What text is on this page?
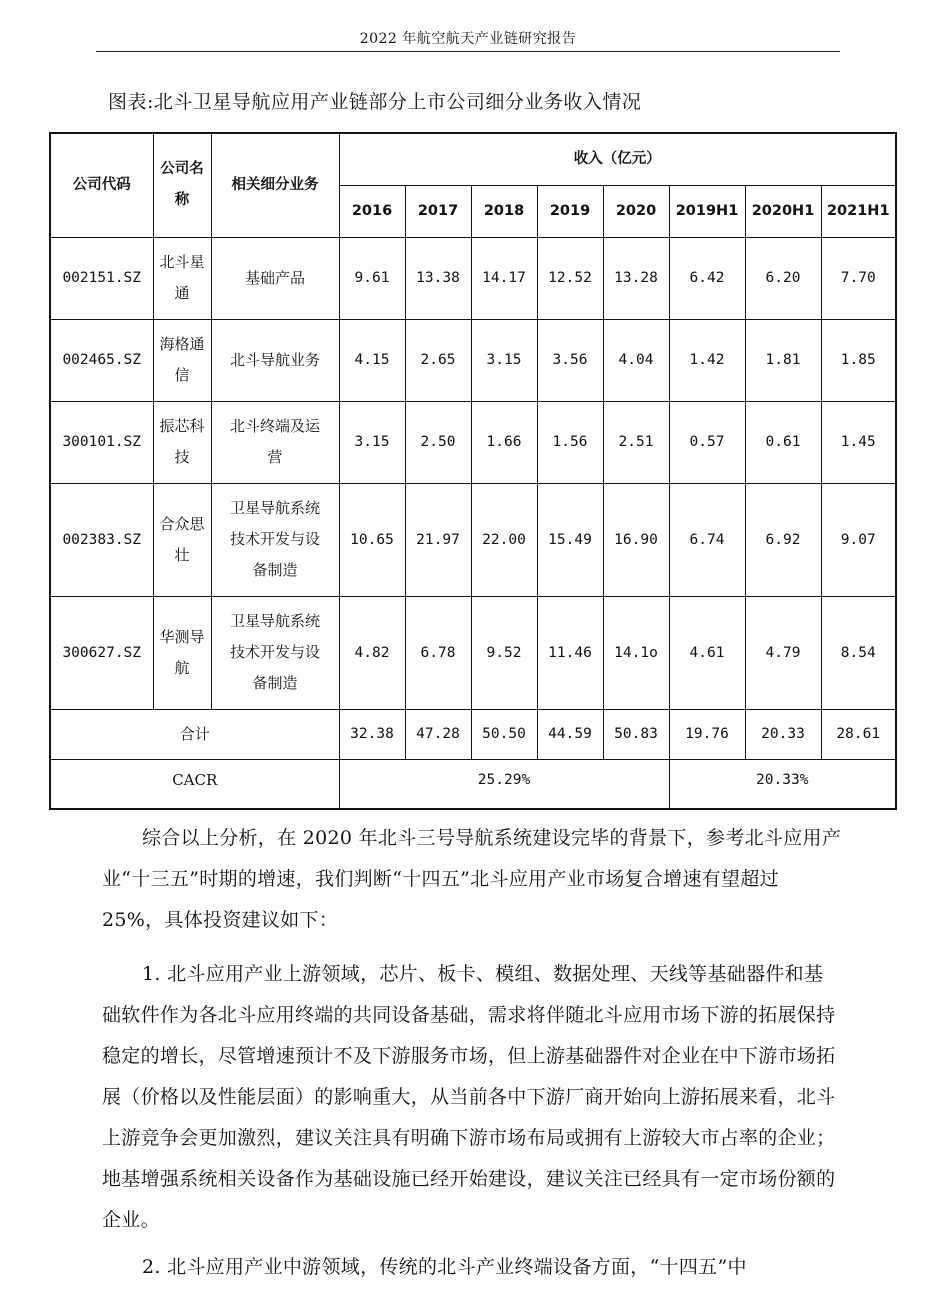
2022 年航空航天产业链研究报告
图表:北斗卫星导航应用产业链部分上市公司细分业务收入情况
公司代码	公司名称	相关细分业务	收入（亿元）							
			2016	2017	2018	2019	2020	2019H1	2020H1	2021H1
002151.SZ	北斗星通	基础产品	9.61	13.38	14.17	12.52	13.28	6.42	6.20	7.70
002465.SZ	海格通信	北斗导航业务	4.15	2.65	3.15	3.56	4.04	1.42	1.81	1.85
300101.SZ	振芯科技	北斗终端及运营	3.15	2.50	1.66	1.56	2.51	0.57	0.61	1.45
002383.SZ	合众思壮	卫星导航系统技术开发与设备制造	10.65	21.97	22.00	15.49	16.90	6.74	6.92	9.07
300627.SZ	华测导航	卫星导航系统技术开发与设备制造	4.82	6.78	9.52	11.46	14.1o	4.61	4.79	8.54
合计			32.38	47.28	50.50	44.59	50.83	19.76	20.33	28.61
CACR			25.29%					20.33%		
综合以上分析，在 2020 年北斗三号导航系统建设完毕的背景下，参考北斗应用产业“十三五”时期的增速，我们判断“十四五”北斗应用产业市场复合增速有望超过 25%，具体投资建议如下：
1. 北斗应用产业上游领域，芯片、板卡、模组、数据处理、天线等基础器件和基础软件作为各北斗应用终端的共同设备基础，需求将伴随北斗应用市场下游的拓展保持稳定的增长，尽管增速预计不及下游服务市场，但上游基础器件对企业在中下游市场拓展（价格以及性能层面）的影响重大，从当前各中下游厂商开始向上游拓展来看，北斗上游竞争会更加激烈，建议关注具有明确下游市场布局或拥有上游较大市占率的企业；地基增强系统相关设备作为基础设施已经开始建设，建议关注已经具有一定市场份额的企业。
2. 北斗应用产业中游领域，传统的北斗产业终端设备方面，“十四五”中
